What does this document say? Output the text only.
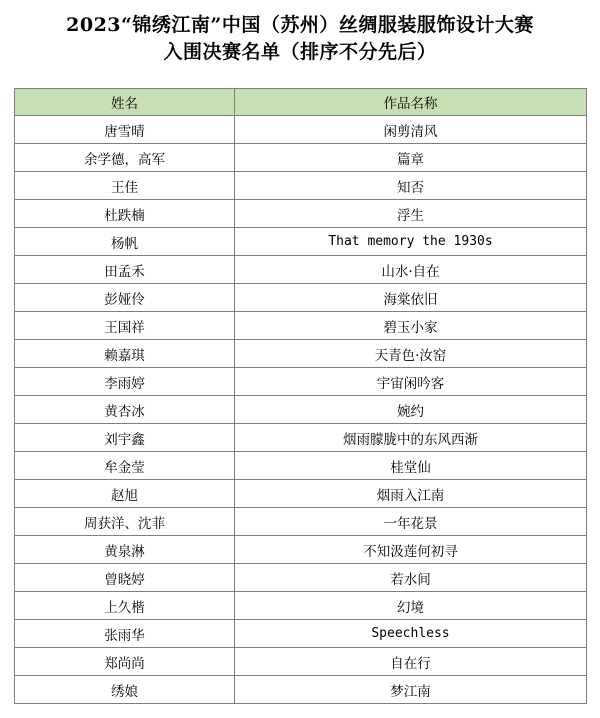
2023“锦绣江南”中国（苏州）丝绸服装服饰设计大赛
入围决赛名单（排序不分先后）
姓名	作品名称
唐雪晴	闲剪清风
余学德，高军	篇章
王佳	知否
杜跌楠	浮生
杨帆	That memory the 1930s
田孟禾	山水·自在
彭娅伶	海棠依旧
王国祥	碧玉小家
赖嘉琪	天青色·汝窑
李雨婷	宇宙闲吟客
黄杏冰	婉约
刘宇鑫	烟雨朦胧中的东风西渐
牟金莹	桂堂仙
赵旭	烟雨入江南
周获洋、沈菲	一年花景
黄泉淋	不知汲莲何初寻
曾晓婷	若水间
上久楷	幻境
张雨华	Speechless
郑尚尚	自在行
绣娘	梦江南
